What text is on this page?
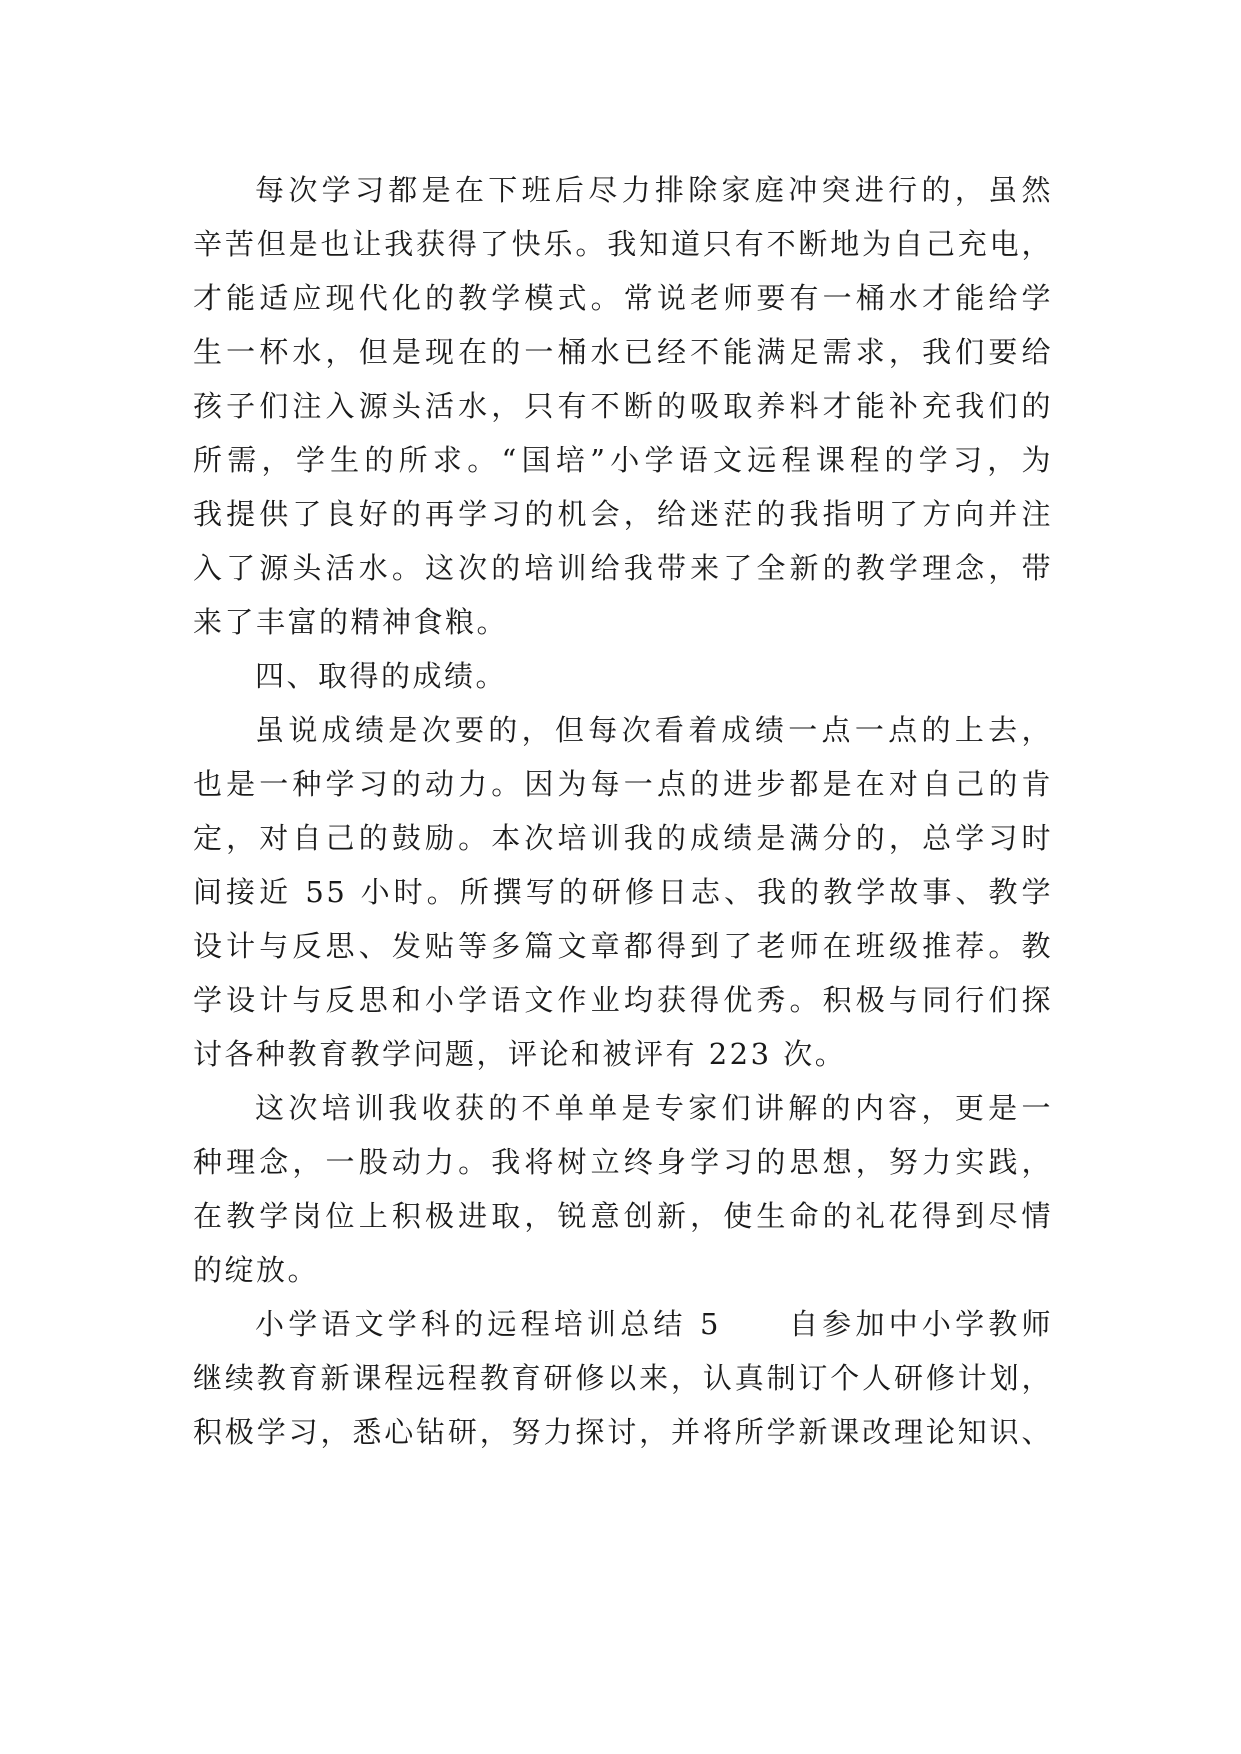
每次学习都是在下班后尽力排除家庭冲突进行的，虽然
辛苦但是也让我获得了快乐。我知道只有不断地为自己充电，
才能适应现代化的教学模式。常说老师要有一桶水才能给学
生一杯水，但是现在的一桶水已经不能满足需求，我们要给
孩子们注入源头活水，只有不断的吸取养料才能补充我们的
所需，学生的所求。“国培”小学语文远程课程的学习，为
我提供了良好的再学习的机会，给迷茫的我指明了方向并注
入了源头活水。这次的培训给我带来了全新的教学理念，带
来了丰富的精神食粮。
四、取得的成绩。
虽说成绩是次要的，但每次看着成绩一点一点的上去，
也是一种学习的动力。因为每一点的进步都是在对自己的肯
定，对自己的鼓励。本次培训我的成绩是满分的，总学习时
间接近 55 小时。所撰写的研修日志、我的教学故事、教学
设计与反思、发贴等多篇文章都得到了老师在班级推荐。教
学设计与反思和小学语文作业均获得优秀。积极与同行们探
讨各种教育教学问题，评论和被评有 223 次。
这次培训我收获的不单单是专家们讲解的内容，更是一
种理念，一股动力。我将树立终身学习的思想，努力实践，
在教学岗位上积极进取，锐意创新，使生命的礼花得到尽情
的绽放。
小学语文学科的远程培训总结 5　　自参加中小学教师
继续教育新课程远程教育研修以来，认真制订个人研修计划，
积极学习，悉心钻研，努力探讨，并将所学新课改理论知识、
